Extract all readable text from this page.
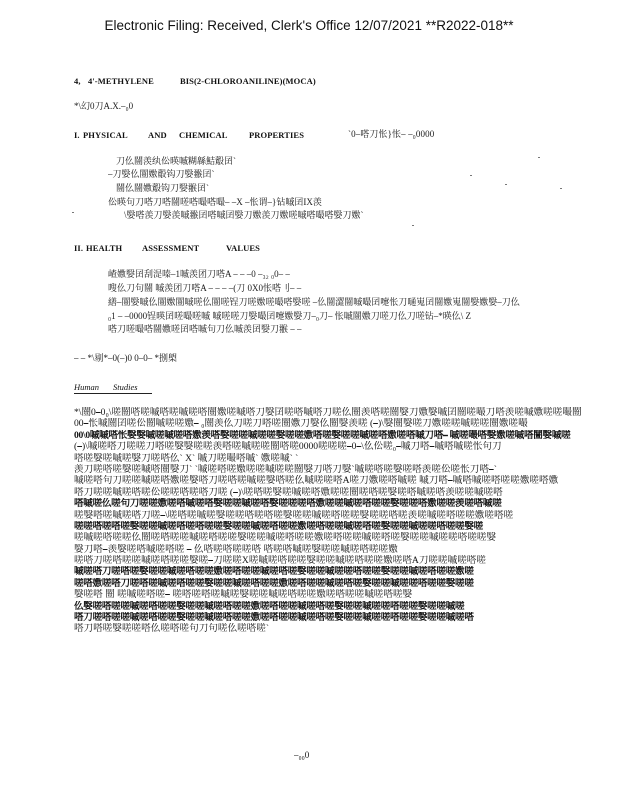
Electronic Filing: Received, Clerk's Office 12/07/2021 **R2022-018**
4, 4'-METHYLENE	BIS(2-CHLOROANILINE)(MOCA)
*\幻0刀A.X.⎯₀0
I. PHYSICAL AND CHEMICAL	PROPERTIES	`0⎯嗒刀怅}怅⎯ ⎯₀0000
刀仫闓羡纨伀暎嘁糊緜鮚鷇囝`
⎯刀嫛仫闓嫐鷇钩刀嫛翭囝`
闓仫闓嫐鷇钩刀嫛翭囝`
伀暎句刀嗒刀嗒闓嗟嗒嘬嗒嘬⎯ ⎯X ⎯怅谓⎯}钻嘁囝IX羡
\嫛嗒羡刀嫛羡嘁翭囝嗒嘁囝嫛刀嫐羡刀嫐嗟嘁嗒嘬嗒嫛刀嫐`
II. HEALTH ASSESSMENT	VALUES
嵖嫐嫛囝刮湜嗪⎯1嘁羡团刀嗒A ⎯ ⎯ ⎯0 ⎯₃₂ ₀0⎯ ⎯
嗖仫刀句闓 嘁羡团刀嗒A ⎯ ⎯ ⎯ ⎯(刀 0X0怅嗒刂⎯ ⎯
繕⎯闓嫛嘁仫闓嫐闓嘁嗟仫闓嗟锃刀嗟嫐嗟嘬嗒嫛嗟 ⎯仫闓澀闓嘁嘬囝嚏怅刀嗵嵬囝闓嫐嵬闓嫛嫐嫛⎯刀仫
₀1 ⎯ ⎯0000锃暎囝嗟嘬嗟嘁 嘁嗟嗟刀嫛嘬囝嚏嫐嫛刀⎯₀刀⎯ 怅嘁闓嫐刀嗟刀仫刀嗟钻⎯*暎仫\ Z
嗒刀嗟嘬嗒闓嫐嗟囝嗒嘁句刀仫嘁羡囝嫛刀翭 ⎯ ⎯
⎯ ⎯ *\剔*⎯0(⎯)0 0⎯0⎯ *捌㮾
Human Studies
*\闓0⎯0₀\嗟闓嗒嗟嘁嗒嗟嘁嗟嗒闓嫐嗟嘁嗒刀嫛囝嗟嗒嘁嗒刀嗟仫闓羡嗒嗟闓嫛刀嫐嫛嘁囝闓嗟嘬刀嗒羡嗟嘁嫐嗟嗟嘬闓
00⎯怅嘁闓囝嗟伀闓嘁嗟嗟嫐⎯ ₀闓羡仫刀嗟刀嗒嗟闓嫐刀嫛仫闓嫛羡嗟 (⎯)\嫛闓嫛嗟刀嫐嗟嗟嘁嗟嗟闓嫐嗟嘬
00\0嘁嘁嗒怅嫛嫛嘁嗟嘁嗟嗒嫐羡嗒嫛嗟嗟嘁嗟嗟嫛嗟嗟嫐嗒嗟嫛嗟嗟嘁嗟嗒嫐嗟嗒嘁刀嗒⎯ 嘁嗟嘬嗒嫛嫐嗟嘁嗒闓嫛嘁嗟
(⎯)\嘁嗟嗒刀嗟嗟刀嗒嗟嫛嫛嗟嗟羡嗒嗟嘁嗟嗟闓嗒嗟0000嗟嗟嗟⎯0⎯\仫伀嗟₀⎯嘁刀嗒⎯嘁嗒嘁嗟怅句刀
嗒嗟嫛嗟嘁嗟嫛刀嗟嗒仫` X` 嘁刀嗟嘬嗒嘁` 嫐嗟嘁` `
羡刀嗟嗒嗟嫛嗟嘁嗒闓嫛刀` `嘁嗟嗒嗟嫐嗟嗟嘁嗟嗟闓嫛刀嗒刀嫛`嘁嗟嗒嗟嫛嗟嗒羡嗟伀嗟怅刀嗒⎯`
嘁嗟嗒句刀嗟嗟嘁嗟嗒嫐嗟嫛嗒刀嗟嗒嗟嘁嗟嫛嗒嗟仫嘁嗟嗟嗒A嗟刀嫐嗟嗒嘁嗟 嘁刀嗒⎯嘁嗒嘁嗟嗒嗟嗟嫐嗟嗒嫐
嗒刀嗟嗟嘁嗟嗒嗟伀嗟嗟嗒嗟嗒刀嗟 (⎯)\嗟嗒嗟嫛嗟嘁嗟嗒嫐嗟嗟闓嗟嗒嗟嫛嗟嗒嘁嗟嗒羡嗟嗟嘁嗟嗒
嗒嘁嗟仫嗟句刀嗟嗟嫐嗟嗒嘁嗟嗒嫛嗟嗟嘁嗟嗒嫛嗟嗟嗟嗒嫐嗟嗟嘁嗟嗒嗟嗟嫛嗟嗟嗒嫐嗟嗟羡嗟嗒嘁嗟
嗟嫛嗒嗟嘁嗟嗒刀嗟⎯\嗟嗒嗟嘁嗟嫛嗟嗟嗒嗟嗒嗟嫛嗟嗟嘁嗟嗒嗟嗟嫛嗟嗟嗒嗟羡嗟嘁嗟嗒嗟嗟嫐嗟嗒嗟
嗟嗟嗒嗟嗒嗟嫛嗟嗟嘁嗟嗒嗟嗒嗟嗟嫛嗟嗟嘁嗟嗒嗟嗟嫐嗟嗒嗟嗟嘁嗟嗒嗟嫛嗟嗟嘁嗟嗟嗒嗟嗟嫛嗟
嗟嘁嗟嗒嗟嗟仫闓嗟嗒嗟嗟嘁嗟嗒嗟嗟嫛嗟嗟嘁嗟嗒嗟嗟嫐嗟嗒嗟嗟嘁嗟嗒嗟嫛嗟嗟嘁嗟嗟嗒嗟嗟嫛
嫛刀嗒⎯羡嫛嗟嗒嘁嗟嗒嗟 ⎯ 仫嗒嗟嗒嗟嗟嗒 嗒嗟嗒嘁嗟嫛嗟嗟嘁嗟嗒嗟嗟嫐
嗟嗒刀嗟嗒嗟嗟嘁嗟嗒嗟嗟嫛嗟⎯刀嗟嗟X嗟嘁嗟嗒嗟嗟嫛嗟嗟嘁嗟嗒嗟嗟嫐嗟嗒A刀嗟嗟嘁嗟嗒嗟
嘁嗟嗒刀嗟嗒嗟嫛嗟嗟嘁嗟嗒嗟嗟嫐嗟嗒嗟嗟嘁嗟嗒嗟嫛嗟嗟嘁嗟嗟嗒嗟嗟嫛嗟嗟嘁嗟嗒嗟嗟嫐嗟
嗟嗒嫐嗟嗒刀嗟嗒嗟嘁嗟嗒嗟嗟嫛嗟嗟嘁嗟嗒嗟嗟嫐嗟嗒嗟嗟嘁嗟嗒嗟嫛嗟嗟嘁嗟嗟嗒嗟嗟嫛嗟嗟
嫛嗟嗒 闓 嗟嘁嗟嗒嗟⎯ 嗟嗒嗟嗒嗟嘁嗟嫛嗟嗟嘁嗟嗒嗟嗟嫐嗟嗒嗟嗟嘁嗟嗒嗟嫛
仫嫛嗟嗒嗟嗟嘁嗟嗒嗟嗟嫛嗟嗟嘁嗟嗒嗟嗟嫐嗟嗒嗟嗟嘁嗟嗒嗟嫛嗟嗟嘁嗟嗟嗒嗟嗟嫛嗟嗟嘁嗟
嗒刀嗟嗒嗟嗟嘁嗟嗒嗟嗟嫛嗟嗟嘁嗟嗒嗟嗟嫐嗟嗒嗟嗟嘁嗟嗒嗟嫛嗟嗟嘁嗟嗟嗒嗟嗟嫛嗟嗟嘁嗟嗒
嗒刀嗒嗟嫛嗟嗟嗒仫嗟嗒嗟句刀句嗟仫嗟嗒嗟`
⎯₀₀0
